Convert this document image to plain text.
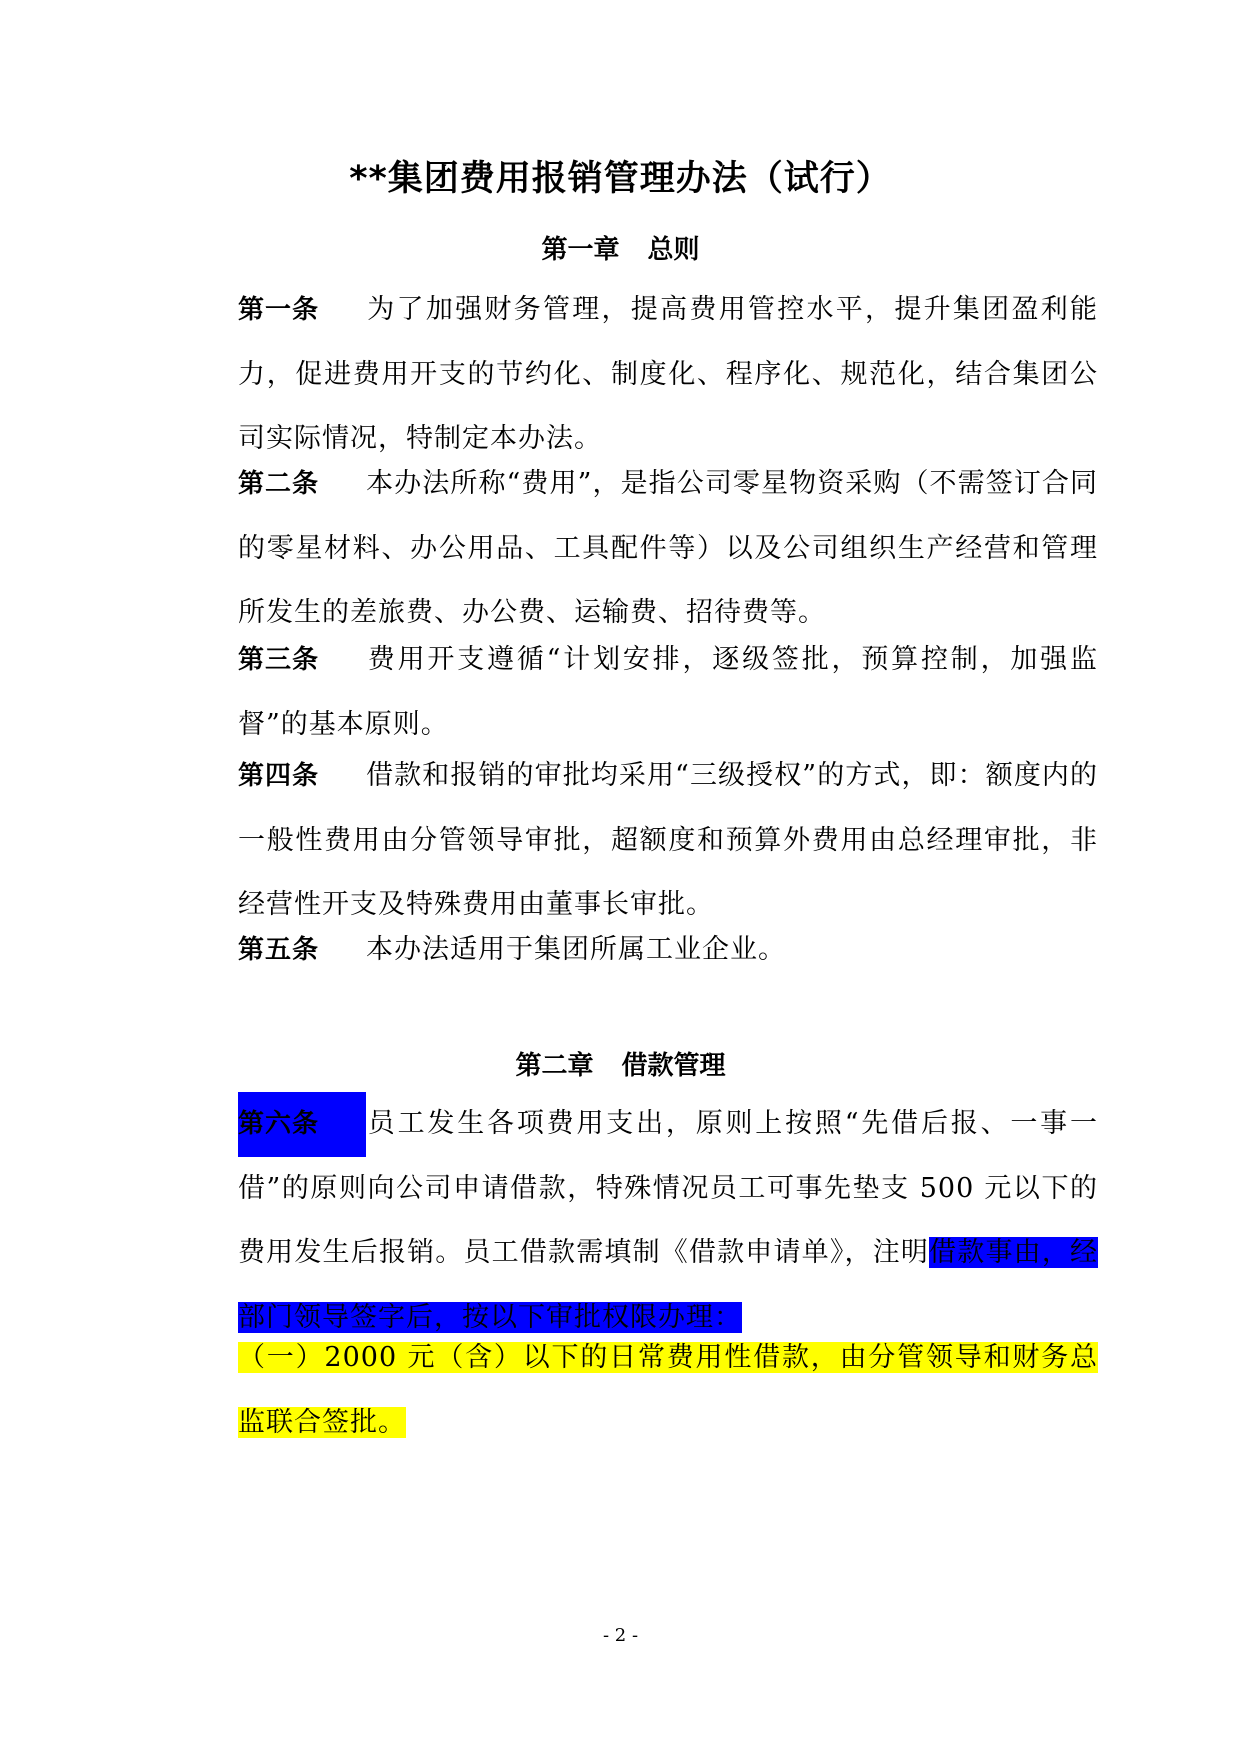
**集团费用报销管理办法（试行）
第一章 总则

第一条 为了加强财务管理，提高费用管控水平，提升集团盈利能力，促进费用开支的节约化、制度化、程序化、规范化，结合集团公司实际情况，特制定本办法。

第二条 本办法所称“费用”，是指公司零星物资采购（不需签订合同的零星材料、办公用品、工具配件等）以及公司组织生产经营和管理所发生的差旅费、办公费、运输费、招待费等。

第三条 费用开支遵循“计划安排，逐级签批，预算控制，加强监督”的基本原则。

第四条 借款和报销的审批均采用“三级授权”的方式，即：额度内的一般性费用由分管领导审批，超额度和预算外费用由总经理审批，非经营性开支及特殊费用由董事长审批。

第五条 本办法适用于集团所属工业企业。

第二章 借款管理

第六条 员工发生各项费用支出，原则上按照“先借后报、一事一借”的原则向公司申请借款，特殊情况员工可事先垫支 500 元以下的费用发生后报销。员工借款需填制《借款申请单》，注明借款事由，经部门领导签字后，按以下审批权限办理：

（一）2000 元（含）以下的日常费用性借款，由分管领导和财务总监联合签批。

- 2 -
